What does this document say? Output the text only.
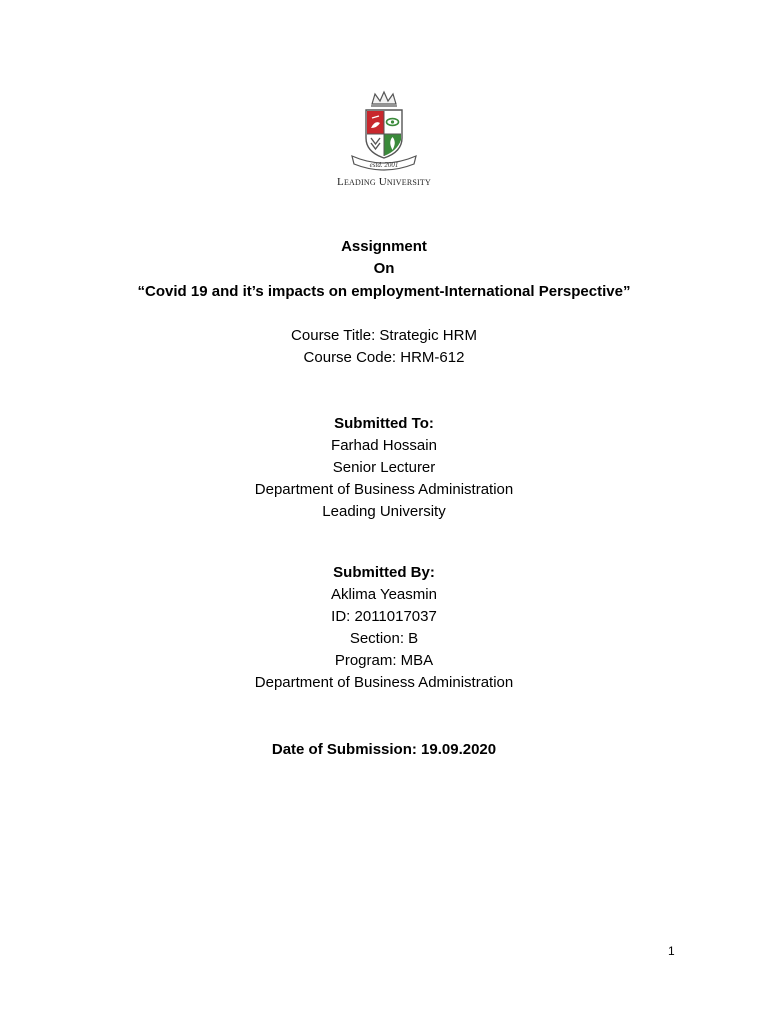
estd. 2001
Leading University
Assignment
On
“Covid 19 and it’s impacts on employment-International Perspective”
Course Title: Strategic HRM
Course Code: HRM-612
Submitted To:
Farhad Hossain
Senior Lecturer
Department of Business Administration
Leading University
Submitted By:
Aklima Yeasmin
ID: 2011017037
Section: B
Program: MBA
Department of Business Administration
Date of Submission: 19.09.2020
1
